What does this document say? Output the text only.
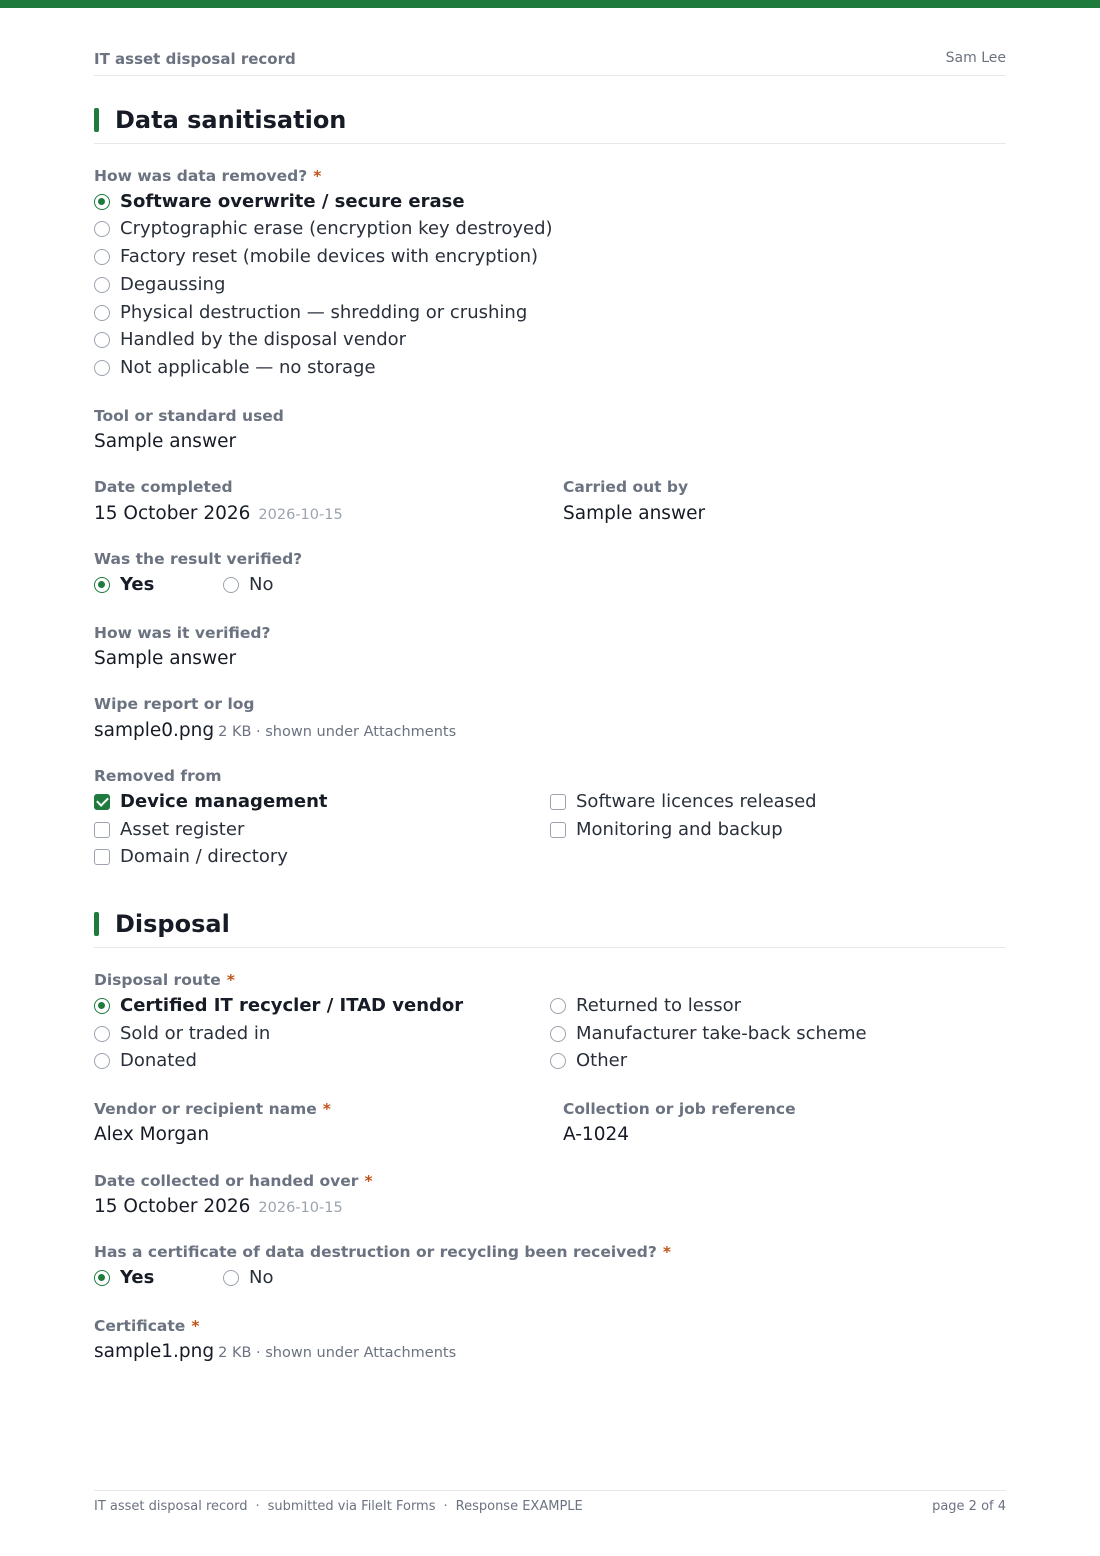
IT asset disposal record	Sam Lee
Data sanitisation
How was data removed? *
Software overwrite / secure erase
Cryptographic erase (encryption key destroyed)
Factory reset (mobile devices with encryption)
Degaussing
Physical destruction — shredding or crushing
Handled by the disposal vendor
Not applicable — no storage
Tool or standard used
Sample answer
Date completed
15 October 2026 2026-10-15
Carried out by
Sample answer
Was the result verified?
Yes	No
How was it verified?
Sample answer
Wipe report or log
sample0.png 2 KB · shown under Attachments
Removed from
Device management
Asset register
Domain / directory
Software licences released
Monitoring and backup
Disposal
Disposal route *
Certified IT recycler / ITAD vendor
Sold or traded in
Donated
Returned to lessor
Manufacturer take-back scheme
Other
Vendor or recipient name *
Alex Morgan
Collection or job reference
A-1024
Date collected or handed over *
15 October 2026 2026-10-15
Has a certificate of data destruction or recycling been received? *
Yes	No
Certificate *
sample1.png 2 KB · shown under Attachments
IT asset disposal record · submitted via FileIt Forms · Response EXAMPLE	page 2 of 4
